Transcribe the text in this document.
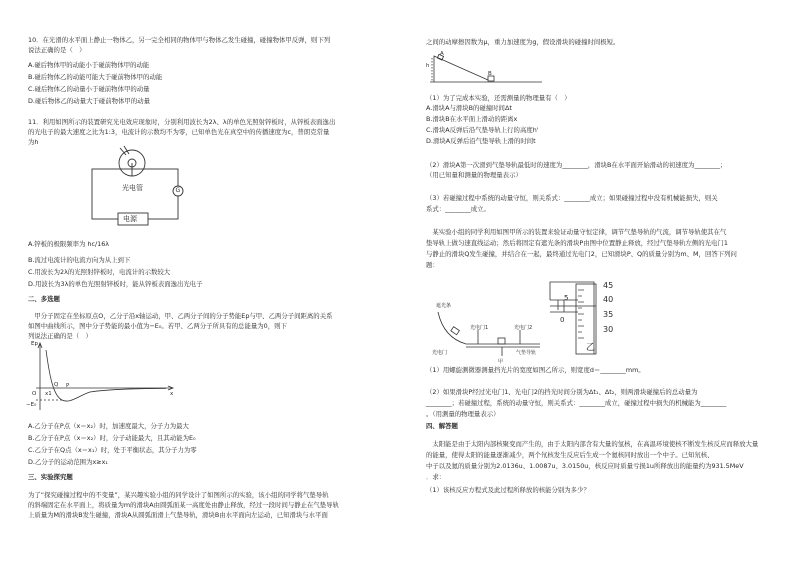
10．在光滑的水平面上静止一物体乙，另一完全相同的物体甲与物体乙发生碰撞，碰撞物体甲反弹，则下列
说法正确的是（　）
A.碰后物体甲的动能小于碰前物体甲的动能
B.碰后物体乙的动能可能大于碰前物体甲的动能
C.碰后物体乙的动量小于碰前物体甲的动量
D.碰后物体乙的动量大于碰前物体甲的动量
11．利用如图所示的装置研究光电效应现象时，分别利用波长为2λ、λ的单色光照射锌板时，从锌板表面逸出
的光电子的最大速度之比为1:3，电流计的示数均不为零，已知单色光在真空中的传播速度为c，普朗克常量
为h
光电管	G
电源
A.锌板的极限频率为 hc/16λ
B.流过电流计的电流方向为从上到下
C.用波长为2λ的光照射锌板时，电流计的示数较大
D.用波长为3λ的单色光照射锌板时，能从锌板表面逸出光电子
二、多选题
　甲分子固定在坐标原点O，乙分子沿x轴运动，甲、乙两分子间的分子势能Ep与甲、乙两分子间距离的关系
如图中曲线所示，图中分子势能的最小值为−E₀。若甲、乙两分子所具有的总能量为0，则下
列说法正确的是（　）
Ep
O x1
Q P
x
−E₀
A.乙分子在P点（x＝x₂）时，加速度最大，分子力为最大
B.乙分子在P点（x＝x₂）时，分子动能最大，且其动能为E₀
C.乙分子在Q点（x＝x₁）时，处于平衡状态，其分子力为零
D.乙分子的运动范围为x≥x₁
三、实验探究题
为了“探究碰撞过程中的不变量”，某兴趣实验小组的同学设计了如图所示的实验，该小组的同学将气垫导轨
的斜端固定在水平面上，将质量为m的滑块A由圆弧面某一高度处由静止释放，经过一段时间与静止在气垫导轨
上质量为M的滑块B发生碰撞，滑块A从圆弧面滑上气垫导轨，滑块B由水平面向左运动，已知滑块与水平面
之间的动摩擦因数为μ，重力加速度为g，假设滑块的碰撞时间极短。
h
A
B
（1）为了完成本实验，还需测量的物理量有（　）
A.滑块A与滑块B的碰撞时间Δt
B.滑块B在水平面上滑动的距离x
C.滑块A反弹后沿气垫导轨上行的高度h'
D.滑块A反弹后沿气垫导轨上滑的时间t
（2）滑块A第一次滑到气垫导轨最低时的速度为________，滑块B在水平面开始滑动的初速度为________；
（用已知量和测量的物理量表示）
（3）若碰撞过程中系统的动量守恒，则关系式：________成立；如果碰撞过程中没有机械能损失，则关
系式：________成立。
　某实验小组的同学利用如图甲所示的装置来验证动量守恒定律，调节气垫导轨的气流，调节导轨使其在气
垫导轨上做匀速直线运动；然后将固定有遮光条的滑块P由图中位置静止释放，经过气垫导轨左侧的光电门1
与静止的滑块Q发生碰撞，并结合在一起，最终通过光电门2，已知滑块P、Q的质量分别为m、M，回答下列问
题：
遮光条
光电门1	光电门2
光电门	气垫导轨
甲
45
40
35
30
0
5
乙
（1）用螺旋测微器测量挡光片的宽度如图乙所示，则宽度d＝________mm。
（2）如果滑块P经过光电门1、光电门2的挡光时间分别为Δt₁、Δt₂，则两滑块碰撞后的总动量为
________；若碰撞过程，系统的动量守恒，则关系式：________成立，碰撞过程中损失的机械能为________
。（用测量的物理量表示）
四、解答题
　太阳能是由于太阳内部核聚变而产生的，由于太阳内部含有大量的氢核，在高温环境使核不断发生核反应而释放大量
的能量，使得太阳的能量逐渐减少，两个氘核发生反应后生成一个氦核同时放出一个中子。已知氘核、
中子以及氦的质量分别为2.0136u、1.0087u、3.0150u，核反应时质量亏损1u所释放出的能量约为931.5MeV
．求：
（1）该核反应方程式及此过程所释放的核能分别为多少？
